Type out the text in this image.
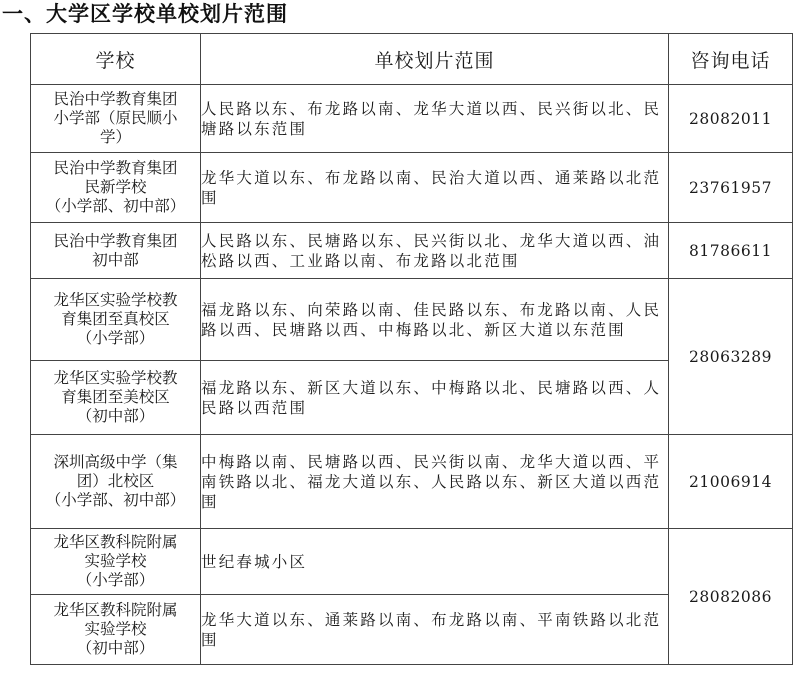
一、大学区学校单校划片范围
学校	单校划片范围	咨询电话
民治中学教育集团
小学部（原民顺小
学）	人民路以东、布龙路以南、龙华大道以西、民兴街以北、民塘路以东范围	28082011
民治中学教育集团
民新学校
（小学部、初中部）	龙华大道以东、布龙路以南、民治大道以西、通莱路以北范围	23761957
民治中学教育集团
初中部	人民路以东、民塘路以东、民兴街以北、龙华大道以西、油松路以西、工业路以南、布龙路以北范围	81786611
龙华区实验学校教
育集团至真校区
（小学部）	福龙路以东、向荣路以南、佳民路以东、布龙路以南、人民路以西、民塘路以西、中梅路以北、新区大道以东范围	28063289
龙华区实验学校教
育集团至美校区
（初中部）	福龙路以东、新区大道以东、中梅路以北、民塘路以西、人民路以西范围	
深圳高级中学（集
团）北校区
（小学部、初中部）	中梅路以南、民塘路以西、民兴街以南、龙华大道以西、平南铁路以北、福龙大道以东、人民路以东、新区大道以西范围	21006914
龙华区教科院附属
实验学校
（小学部）	世纪春城小区	28082086
龙华区教科院附属
实验学校
（初中部）	龙华大道以东、通莱路以南、布龙路以南、平南铁路以北范围	
